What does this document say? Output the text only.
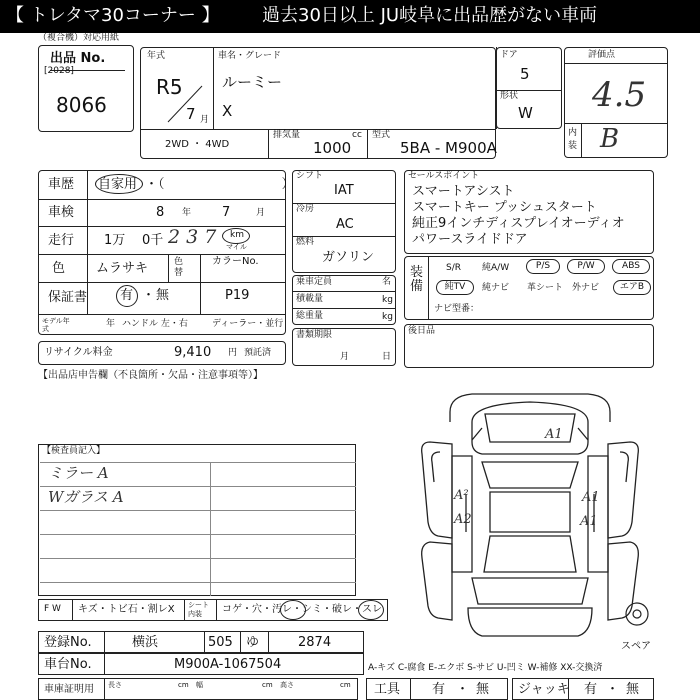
【 トレタマ30コーナー 】 過去30日以上 JU岐阜に出品歴がない車両
（複合機）対応用紙
出品 No.
[2028]
8066
年式
R5
7 月
車名・グレード
ルーミー
X
2WD ・ 4WD
排気量	cc
1000
型式
5BA - M900A
ドア
5
形状
W
評価点
4.5
内装 B
車歴 自家用 ・（　　　　　　　　　）
車検	8 年 7	月
走行 1万 0千 2 3 7 km
マイル
色 ムラサキ	色替
カラーNo.
P19
保証書	有 ・ 無
モデル年式	年 ハンドル 左・右	ディーラー・並行
リサイクル料金	9,410 円 預託済
シフト
IAT
冷房
AC
燃料
ガソリン
乗車定員	名
積載量	kg
総重量	kg
書類期限
月	日
セールスポイント
スマートアシスト
スマートキー プッシュスタート
純正9インチディスプレイオーディオ
パワースライドドア
装備
S/R 純A/W	P/S	P/W	ABS
純TV	純ナビ 革シート 外ナビ	エアB
ナビ型番：
後日品
【出品店申告欄（不良箇所・欠品・注意事項等）】
【検査員記入】
ミラー A
Wガラス A
A1
A²
A2
A1
A1
スペア
F W キズ・トビ石・割レX シート内装	コゲ・穴・汚レ・シミ・破レ・スレ
登録No.	横浜	505 ゆ	2874
車台No.	M900A-1067504	A-キズ C-腐食 E-エクボ S-サビ U-凹ミ W-補修 XX-交換済
車庫証明用 長さ	cm 幅	cm 高さ	cm 工具 有 ・ 無 ジャッキ 有 ・ 無
